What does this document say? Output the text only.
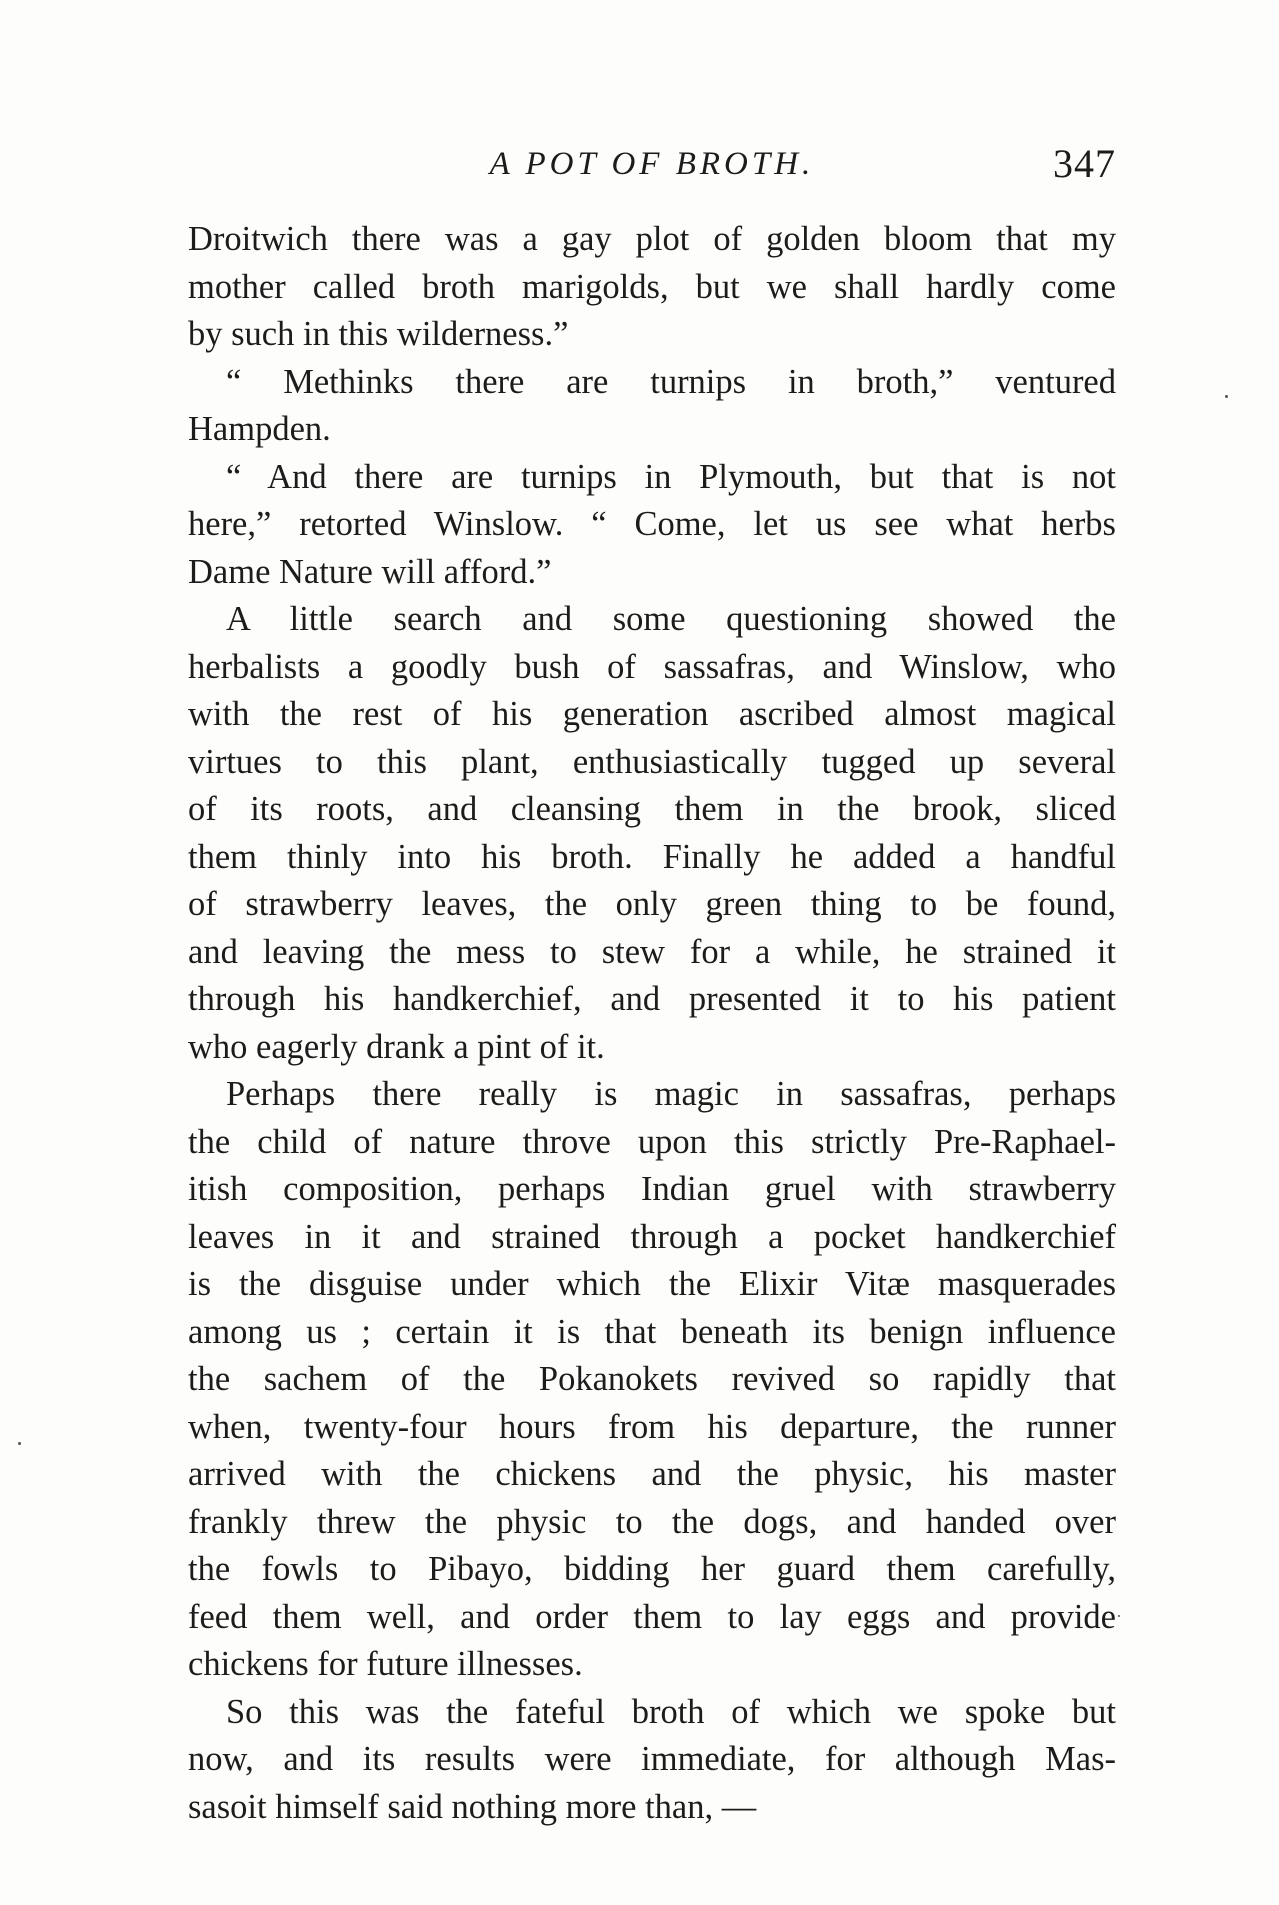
A POT OF BROTH.	347
Droitwich there was a gay plot of golden bloom that my
mother called broth marigolds, but we shall hardly come
by such in this wilderness.”
“ Methinks there are turnips in broth,” ventured
Hampden.
“ And there are turnips in Plymouth, but that is not
here,” retorted Winslow. “ Come, let us see what herbs
Dame Nature will afford.”
A little search and some questioning showed the
herbalists a goodly bush of sassafras, and Winslow, who
with the rest of his generation ascribed almost magical
virtues to this plant, enthusiastically tugged up several
of its roots, and cleansing them in the brook, sliced
them thinly into his broth. Finally he added a handful
of strawberry leaves, the only green thing to be found,
and leaving the mess to stew for a while, he strained it
through his handkerchief, and presented it to his patient
who eagerly drank a pint of it.
Perhaps there really is magic in sassafras, perhaps
the child of nature throve upon this strictly Pre-Raphael-
itish composition, perhaps Indian gruel with strawberry
leaves in it and strained through a pocket handkerchief
is the disguise under which the Elixir Vitæ masquerades
among us ; certain it is that beneath its benign influence
the sachem of the Pokanokets revived so rapidly that
when, twenty-four hours from his departure, the runner
arrived with the chickens and the physic, his master
frankly threw the physic to the dogs, and handed over
the fowls to Pibayo, bidding her guard them carefully,
feed them well, and order them to lay eggs and provide
chickens for future illnesses.
So this was the fateful broth of which we spoke but
now, and its results were immediate, for although Mas-
sasoit himself said nothing more than, —
